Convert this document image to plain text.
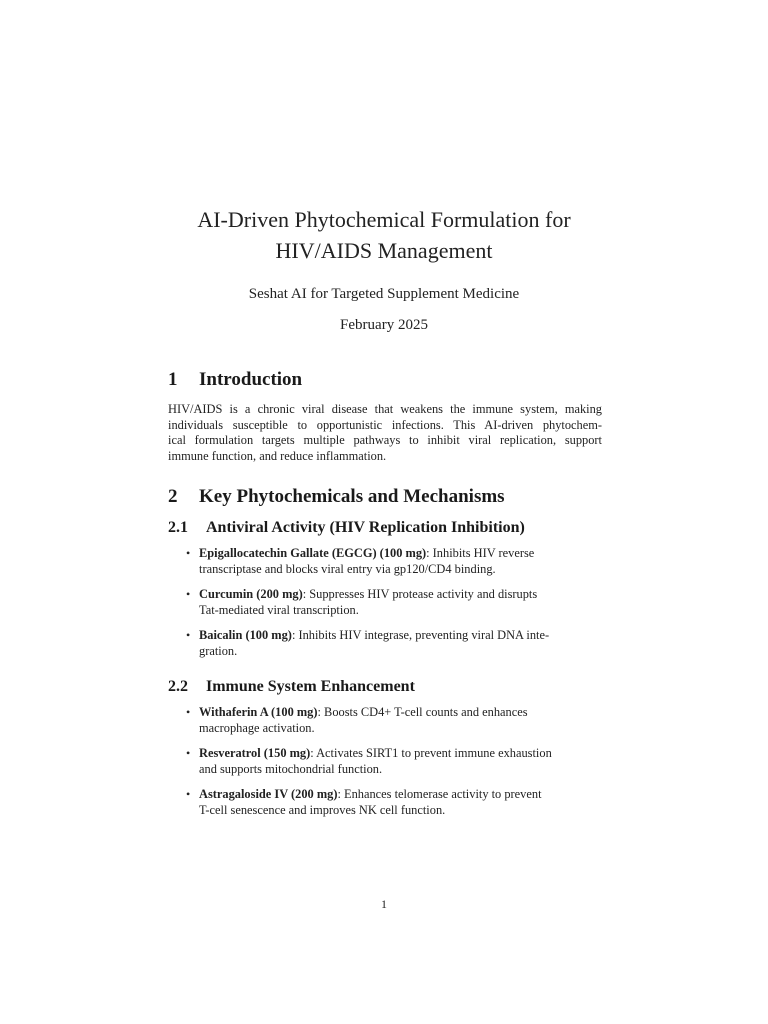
AI-Driven Phytochemical Formulation for
HIV/AIDS Management
Seshat AI for Targeted Supplement Medicine
February 2025
1 Introduction
HIV/AIDS is a chronic viral disease that weakens the immune system, making
individuals susceptible to opportunistic infections. This AI-driven phytochem-
ical formulation targets multiple pathways to inhibit viral replication, support
immune function, and reduce inflammation.
2 Key Phytochemicals and Mechanisms
2.1 Antiviral Activity (HIV Replication Inhibition)
• Epigallocatechin Gallate (EGCG) (100 mg): Inhibits HIV reverse
transcriptase and blocks viral entry via gp120/CD4 binding.
• Curcumin (200 mg): Suppresses HIV protease activity and disrupts
Tat-mediated viral transcription.
• Baicalin (100 mg): Inhibits HIV integrase, preventing viral DNA inte-
gration.
2.2 Immune System Enhancement
• Withaferin A (100 mg): Boosts CD4+ T-cell counts and enhances
macrophage activation.
• Resveratrol (150 mg): Activates SIRT1 to prevent immune exhaustion
and supports mitochondrial function.
• Astragaloside IV (200 mg): Enhances telomerase activity to prevent
T-cell senescence and improves NK cell function.
1
